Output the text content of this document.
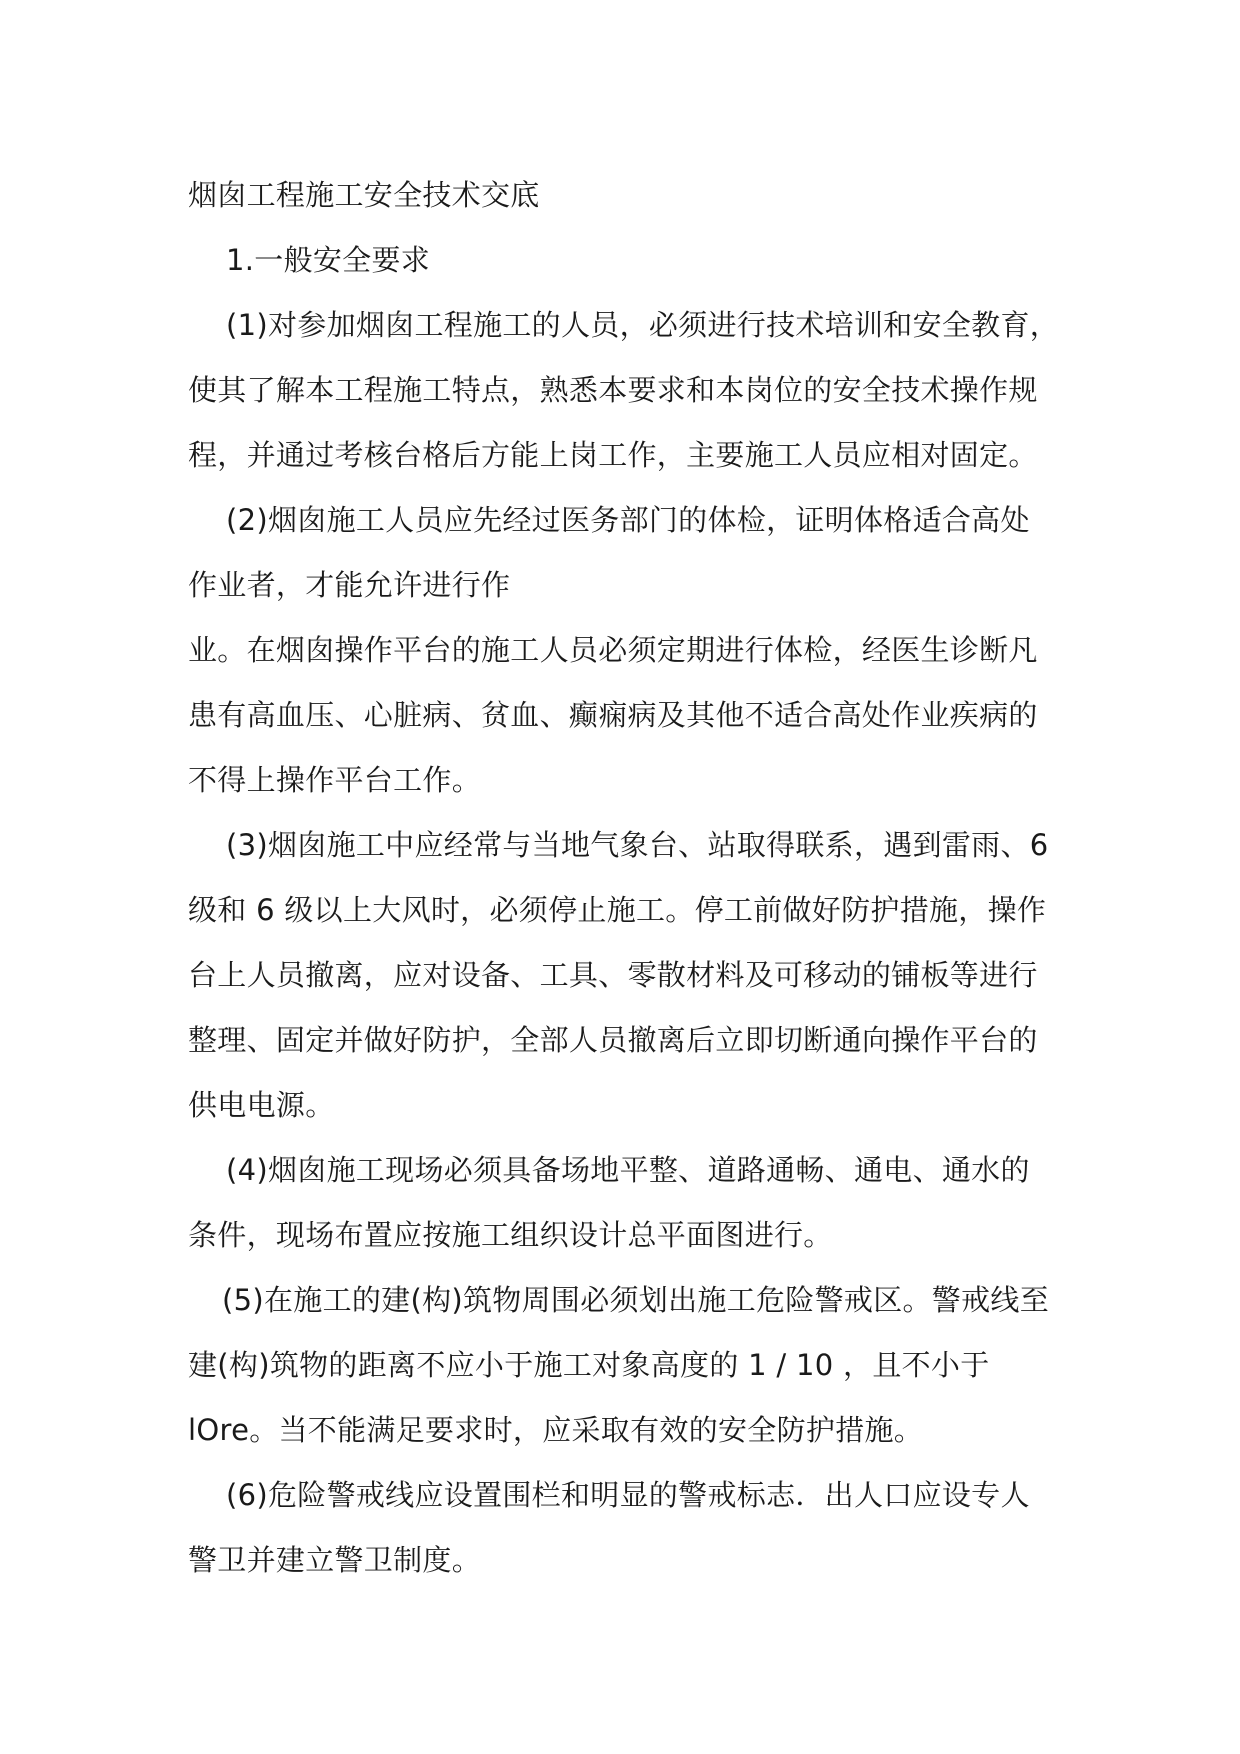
烟囱工程施工安全技术交底
1.一般安全要求
(1)对参加烟囱工程施工的人员，必须进行技术培训和安全教育，
使其了解本工程施工特点，熟悉本要求和本岗位的安全技术操作规
程，并通过考核台格后方能上岗工作，主要施工人员应相对固定。
(2)烟囱施工人员应先经过医务部门的体检，证明体格适合高处
作业者，才能允许进行作
业。在烟囱操作平台的施工人员必须定期进行体检，经医生诊断凡
患有高血压、心脏病、贫血、癫痫病及其他不适合高处作业疾病的
不得上操作平台工作。
(3)烟囱施工中应经常与当地气象台、站取得联系，遇到雷雨、6
级和 6 级以上大风时，必须停止施工。停工前做好防护措施，操作
台上人员撤离，应对设备、工具、零散材料及可移动的铺板等进行
整理、固定并做好防护，全部人员撤离后立即切断通向操作平台的
供电电源。
(4)烟囱施工现场必须具备场地平整、道路通畅、通电、通水的
条件，现场布置应按施工组织设计总平面图进行。
(5)在施工的建(构)筑物周围必须划出施工危险警戒区。警戒线至
建(构)筑物的距离不应小于施工对象高度的 1 / 10 ，且不小于
lOre。当不能满足要求时，应采取有效的安全防护措施。
(6)危险警戒线应设置围栏和明显的警戒标志．出人口应设专人
警卫并建立警卫制度。
